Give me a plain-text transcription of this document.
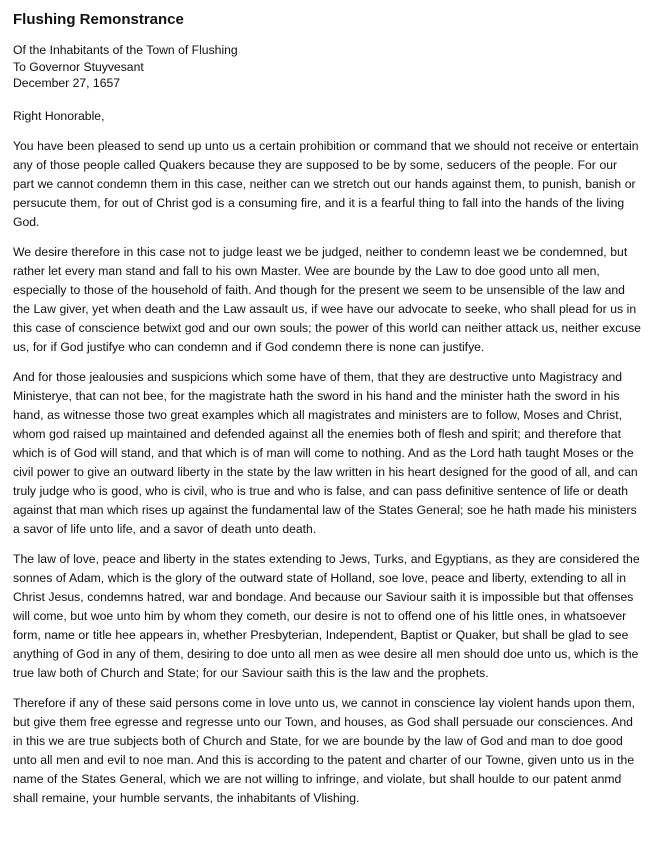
Flushing Remonstrance
Of the Inhabitants of the Town of Flushing
To Governor Stuyvesant
December 27, 1657
Right Honorable,

You have been pleased to send up unto us a certain prohibition or command that we should not receive or entertain any of those people called Quakers because they are supposed to be by some, seducers of the people. For our part we cannot condemn them in this case, neither can we stretch out our hands against them, to punish, banish or persucute them, for out of Christ god is a consuming fire, and it is a fearful thing to fall into the hands of the living God.

We desire therefore in this case not to judge least we be judged, neither to condemn least we be condemned, but rather let every man stand and fall to his own Master. Wee are bounde by the Law to doe good unto all men, especially to those of the household of faith. And though for the present we seem to be unsensible of the law and the Law giver, yet when death and the Law assault us, if wee have our advocate to seeke, who shall plead for us in this case of conscience betwixt god and our own souls; the power of this world can neither attack us, neither excuse us, for if God justifye who can condemn and if God condemn there is none can justifye.

And for those jealousies and suspicions which some have of them, that they are destructive unto Magistracy and Ministerye, that can not bee, for the magistrate hath the sword in his hand and the minister hath the sword in his hand, as witnesse those two great examples which all magistrates and ministers are to follow, Moses and Christ, whom god raised up maintained and defended against all the enemies both of flesh and spirit; and therefore that which is of God will stand, and that which is of man will come to nothing. And as the Lord hath taught Moses or the civil power to give an outward liberty in the state by the law written in his heart designed for the good of all, and can truly judge who is good, who is civil, who is true and who is false, and can pass definitive sentence of life or death against that man which rises up against the fundamental law of the States General; soe he hath made his ministers a savor of life unto life, and a savor of death unto death.

The law of love, peace and liberty in the states extending to Jews, Turks, and Egyptians, as they are considered the sonnes of Adam, which is the glory of the outward state of Holland, soe love, peace and liberty, extending to all in Christ Jesus, condemns hatred, war and bondage. And because our Saviour saith it is impossible but that offenses will come, but woe unto him by whom they cometh, our desire is not to offend one of his little ones, in whatsoever form, name or title hee appears in, whether Presbyterian, Independent, Baptist or Quaker, but shall be glad to see anything of God in any of them, desiring to doe unto all men as wee desire all men should doe unto us, which is the true law both of Church and State; for our Saviour saith this is the law and the prophets.

Therefore if any of these said persons come in love unto us, we cannot in conscience lay violent hands upon them, but give them free egresse and regresse unto our Town, and houses, as God shall persuade our consciences. And in this we are true subjects both of Church and State, for we are bounde by the law of God and man to doe good unto all men and evil to noe man. And this is according to the patent and charter of our Towne, given unto us in the name of the States General, which we are not willing to infringe, and violate, but shall houlde to our patent anmd shall remaine, your humble servants, the inhabitants of Vlishing.
